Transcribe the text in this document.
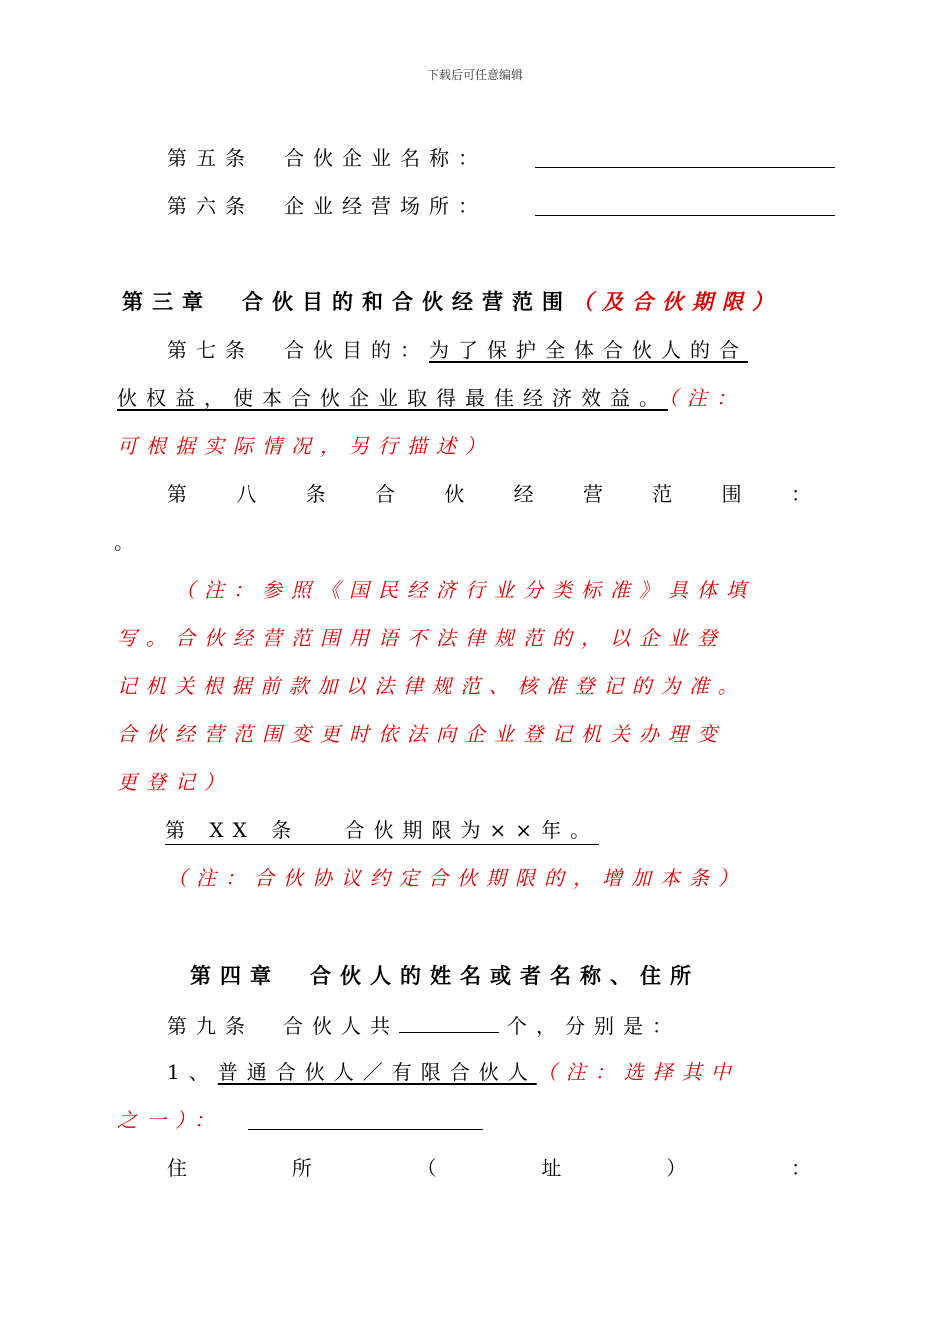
下载后可任意编辑
第五条 合伙企业名称：
第六条 企业经营场所：
第三章　合伙目的和合伙经营范围（及合伙期限）
第七条 合伙目的：为了保护全体合伙人的合
伙权益，使本合伙企业取得最佳经济效益。（注：
可根据实际情况，另行描述）
第 八 条 合 伙 经 营 范 围 ：
。
（注：参照《国民经济行业分类标准》具体填
写。合伙经营范围用语不法律规范的，以企业登
记机关根据前款加以法律规范、核准登记的为准。
合伙经营范围变更时依法向企业登记机关办理变
更登记）
第 XX 条　 合伙期限为××年。
（注：合伙协议约定合伙期限的，增加本条）
第四章　合伙人的姓名或者名称、住所
第九条　合伙人共	个，分别是：
1、普通合伙人／有限合伙人（注：选择其中
之一）：
住	所	（	址	）	：
